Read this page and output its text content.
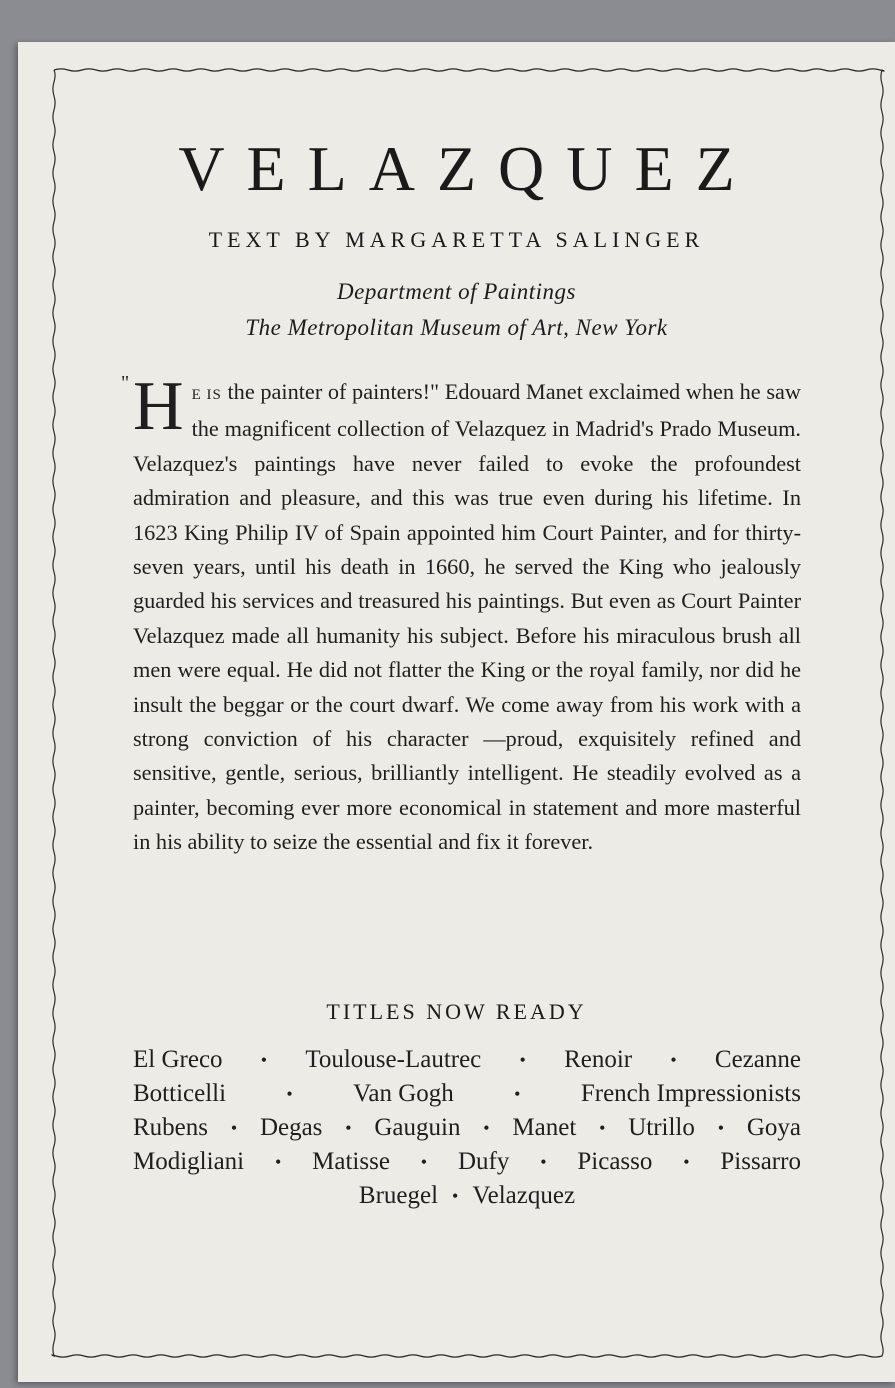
VELAZQUEZ
TEXT BY MARGARETTA SALINGER
Department of Paintings
The Metropolitan Museum of Art, New York
" H E IS the painter of painters!" Edouard Manet exclaimed when he saw the magnificent collection of Velazquez in Madrid's Prado Museum. Velazquez's paintings have never failed to evoke the profoundest admiration and pleasure, and this was true even during his lifetime. In 1623 King Philip IV of Spain appointed him Court Painter, and for thirty-seven years, until his death in 1660, he served the King who jealously guarded his services and treasured his paintings. But even as Court Painter Velazquez made all humanity his subject. Before his miraculous brush all men were equal. He did not flatter the King or the royal family, nor did he insult the beggar or the court dwarf. We come away from his work with a strong conviction of his character —proud, exquisitely refined and sensitive, gentle, serious, brilliantly intelligent. He steadily evolved as a painter, becoming ever more economical in statement and more masterful in his ability to seize the essential and fix it forever.
TITLES NOW READY
El Greco • Toulouse-Lautrec • Renoir • Cezanne
Botticelli	• Van Gogh	• French Impressionists
Rubens • Degas • Gauguin • Manet • Utrillo • Goya
Modigliani • Matisse • Dufy • Picasso • Pissarro
Bruegel • Velazquez
